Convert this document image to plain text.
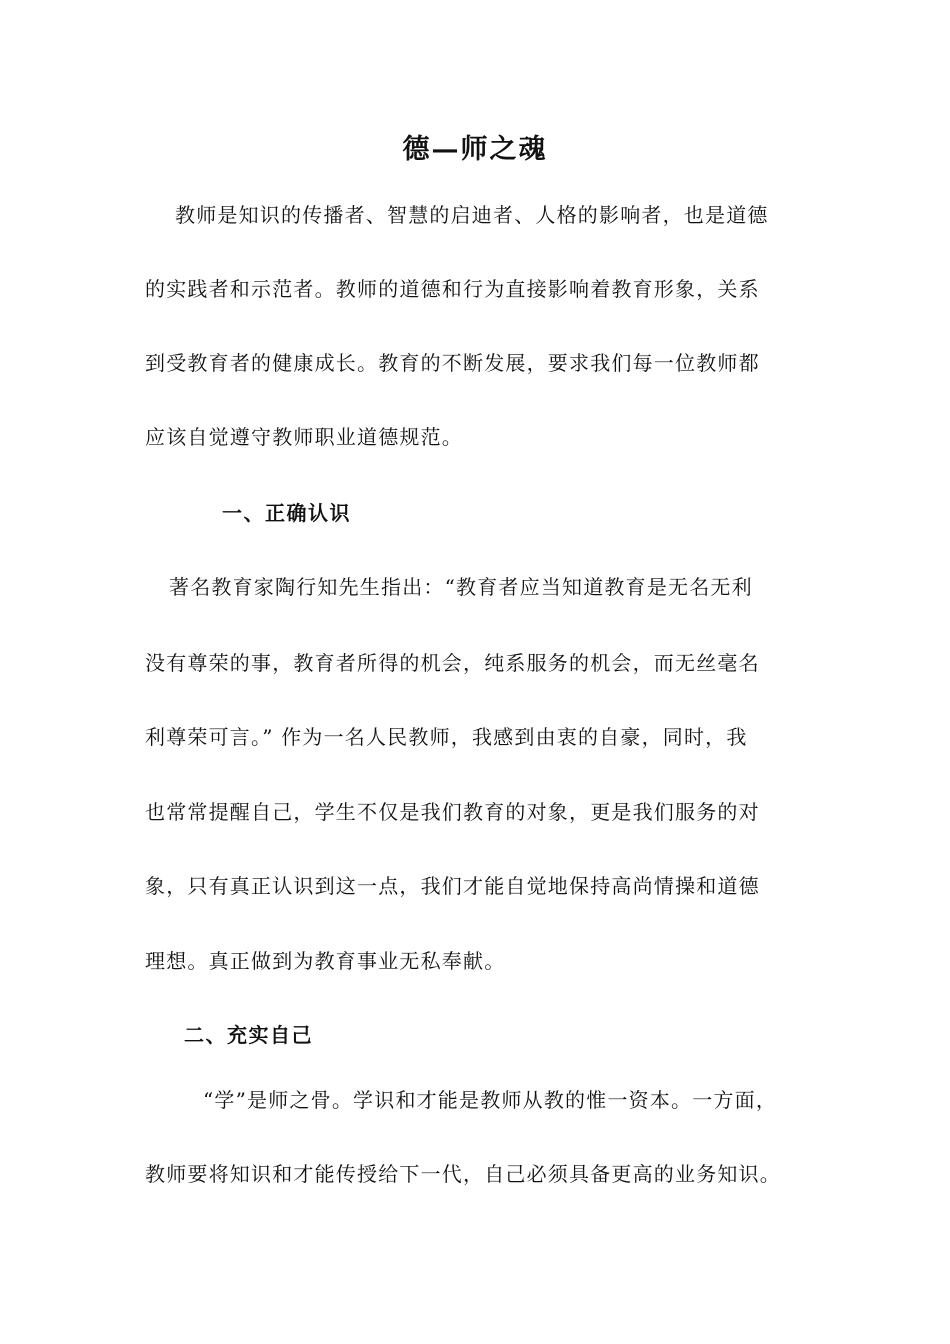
德—师之魂
教师是知识的传播者、智慧的启迪者、人格的影响者，也是道德
的实践者和示范者。教师的道德和行为直接影响着教育形象，关系
到受教育者的健康成长。教育的不断发展，要求我们每一位教师都
应该自觉遵守教师职业道德规范。
一、正确认识
著名教育家陶行知先生指出：“教育者应当知道教育是无名无利
没有尊荣的事，教育者所得的机会，纯系服务的机会，而无丝毫名
利尊荣可言。” 作为一名人民教师，我感到由衷的自豪，同时，我
也常常提醒自己，学生不仅是我们教育的对象，更是我们服务的对
象，只有真正认识到这一点，我们才能自觉地保持高尚情操和道德
理想。真正做到为教育事业无私奉献。
二、充实自己
“学”是师之骨。学识和才能是教师从教的惟一资本。一方面，
教师要将知识和才能传授给下一代，自己必须具备更高的业务知识。
